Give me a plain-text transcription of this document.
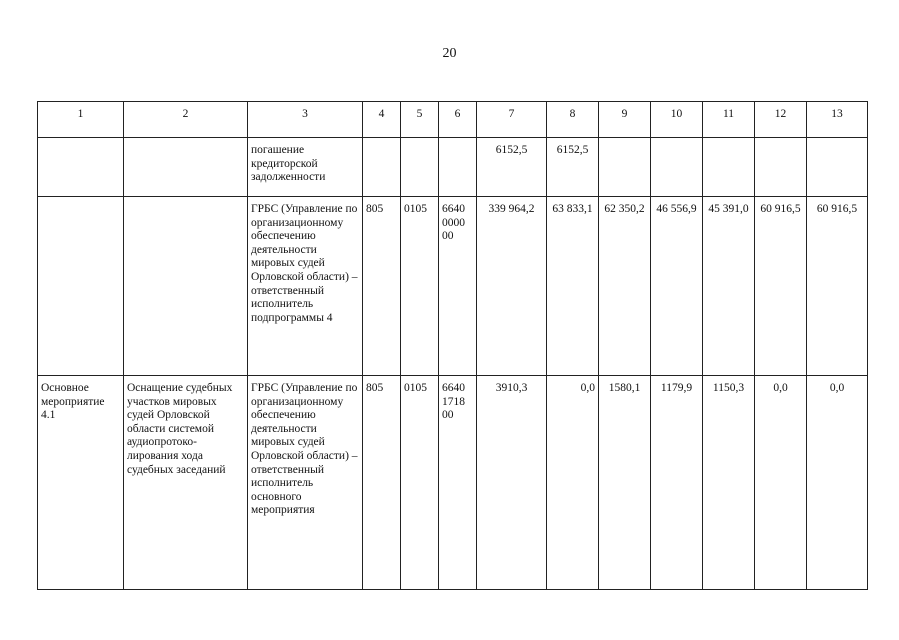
20
1	2	3	4	5	6	7	8	9	10	11	12	13
		погашение кредиторской задолженности				6152,5	6152,5					
		ГРБС (Управление по организационному обеспечению деятельности мировых судей Орловской области) – ответственный исполнитель подпрограммы 4	805	0105	6640 0000 00	339 964,2	63 833,1	62 350,2	46 556,9	45 391,0	60 916,5	60 916,5
Основное мероприятие 4.1	Оснащение судебных участков мировых судей Орловской области системой аудиопротоко-лирования хода судебных заседаний	ГРБС (Управление по организационному обеспечению деятельности мировых судей Орловской области) – ответственный исполнитель основного мероприятия	805	0105	6640 1718 00	3910,3	0,0	1580,1	1179,9	1150,3	0,0	0,0
